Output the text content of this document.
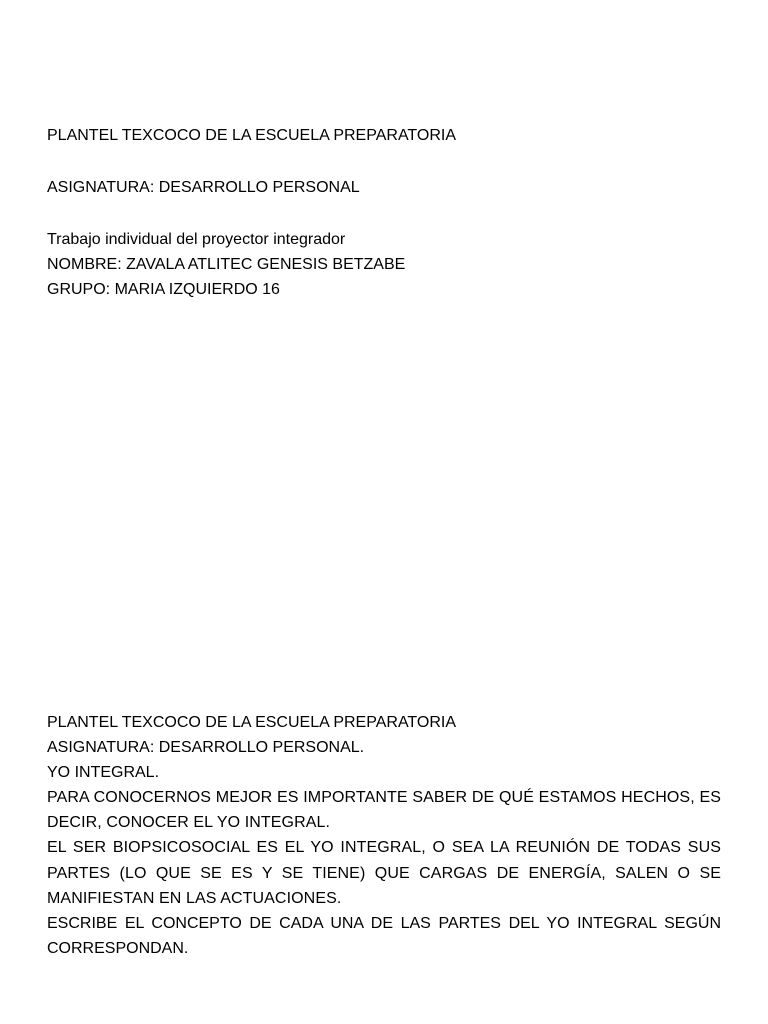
PLANTEL TEXCOCO DE LA ESCUELA PREPARATORIA

ASIGNATURA: DESARROLLO PERSONAL

Trabajo individual del proyector integrador

NOMBRE: ZAVALA ATLITEC GENESIS BETZABE

GRUPO: MARIA IZQUIERDO 16

PLANTEL TEXCOCO DE LA ESCUELA PREPARATORIA

ASIGNATURA: DESARROLLO PERSONAL.

YO INTEGRAL.

PARA CONOCERNOS MEJOR ES IMPORTANTE SABER DE QUÉ ESTAMOS HECHOS, ES DECIR, CONOCER EL YO INTEGRAL.

EL SER BIOPSICOSOCIAL ES EL YO INTEGRAL, O SEA LA REUNIÓN DE TODAS SUS PARTES (LO QUE SE ES Y SE TIENE) QUE CARGAS DE ENERGÍA, SALEN O SE MANIFIESTAN EN LAS ACTUACIONES.

ESCRIBE EL CONCEPTO DE CADA UNA DE LAS PARTES DEL YO INTEGRAL SEGÚN CORRESPONDAN.
